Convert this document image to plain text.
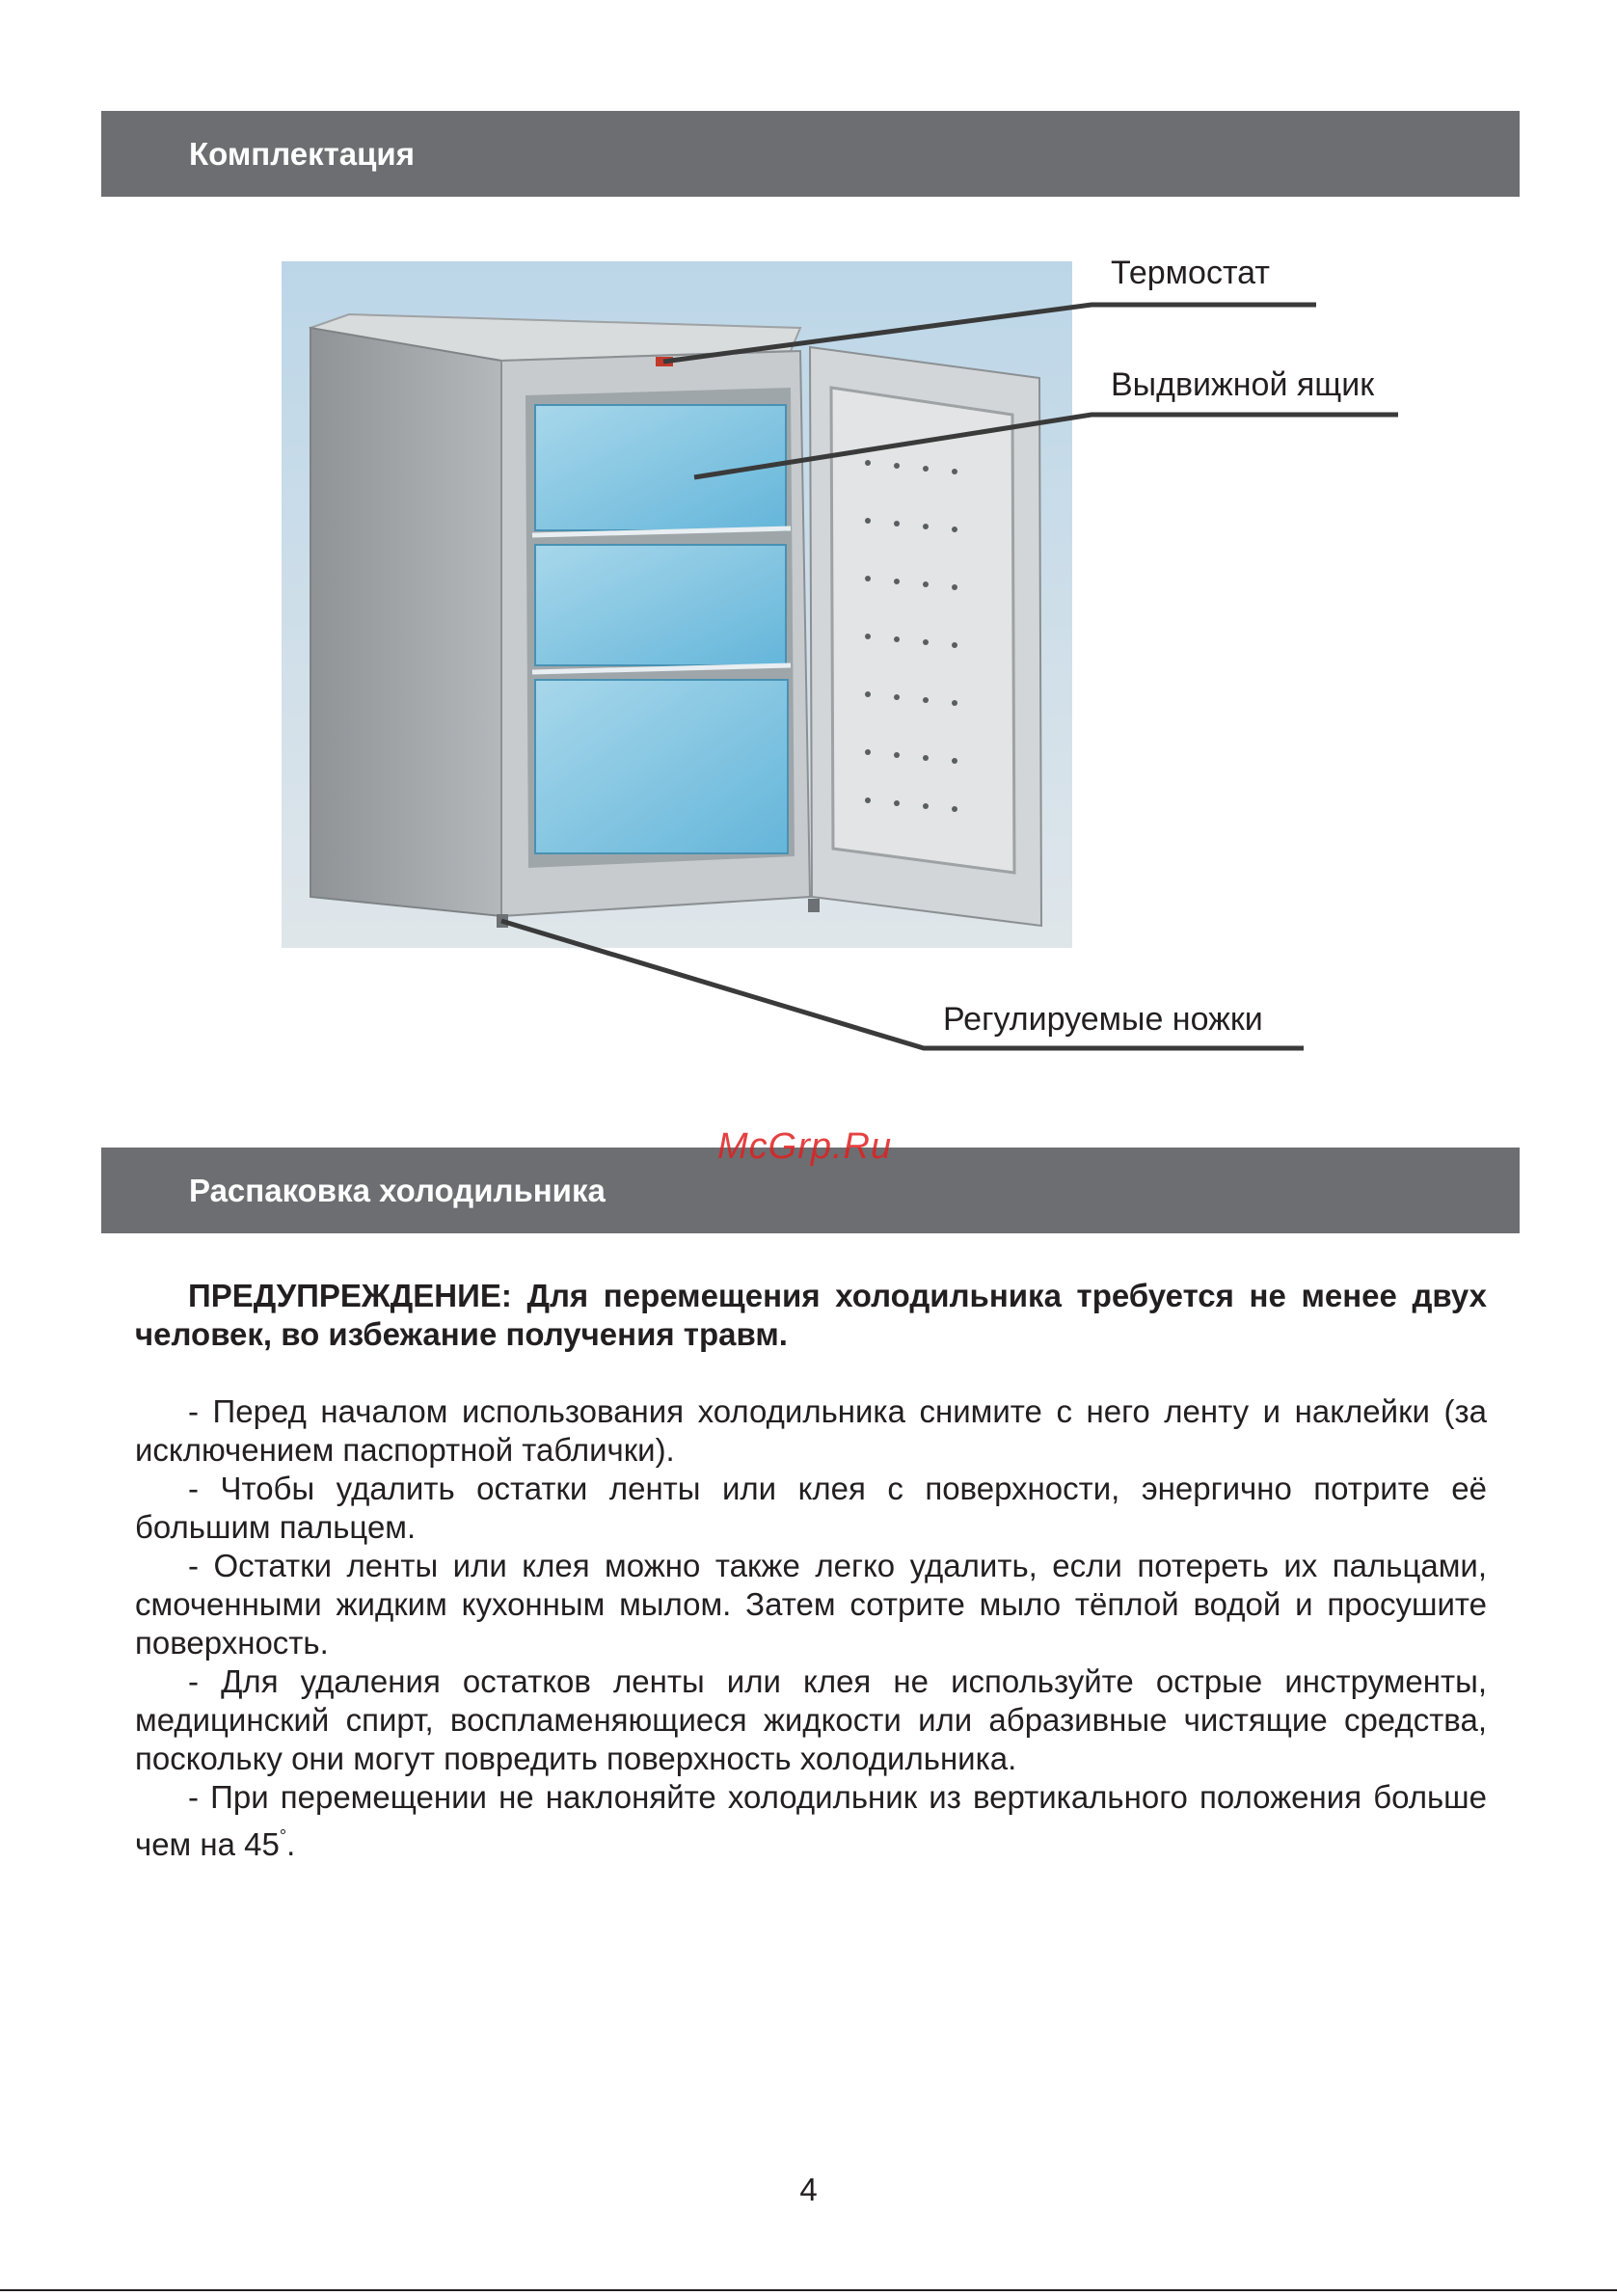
Комплектация
Термостат
Выдвижной ящик
Регулируемые ножки
Распаковка холодильника
McGrp.Ru

ПРЕДУПРЕЖДЕНИЕ: Для перемещения холодильника требуется не менее двух человек, во избежание получения травм.

- Перед началом использования холодильника снимите с него ленту и наклейки (за исключением паспортной таблички).

- Чтобы удалить остатки ленты или клея с поверхности, энергично потрите её большим пальцем.

- Остатки ленты или клея можно также легко удалить, если потереть их пальцами, смоченными жидким кухонным мылом. Затем сотрите мыло тёплой водой и просушите поверхность.

- Для удаления остатков ленты или клея не используйте острые инструменты, медицинский спирт, воспламеняющиеся жидкости или абразивные чистящие средства, поскольку они могут повредить поверхность холодильника.

- При перемещении не наклоняйте холодильник из вертикального положения больше чем на 45°.

4
